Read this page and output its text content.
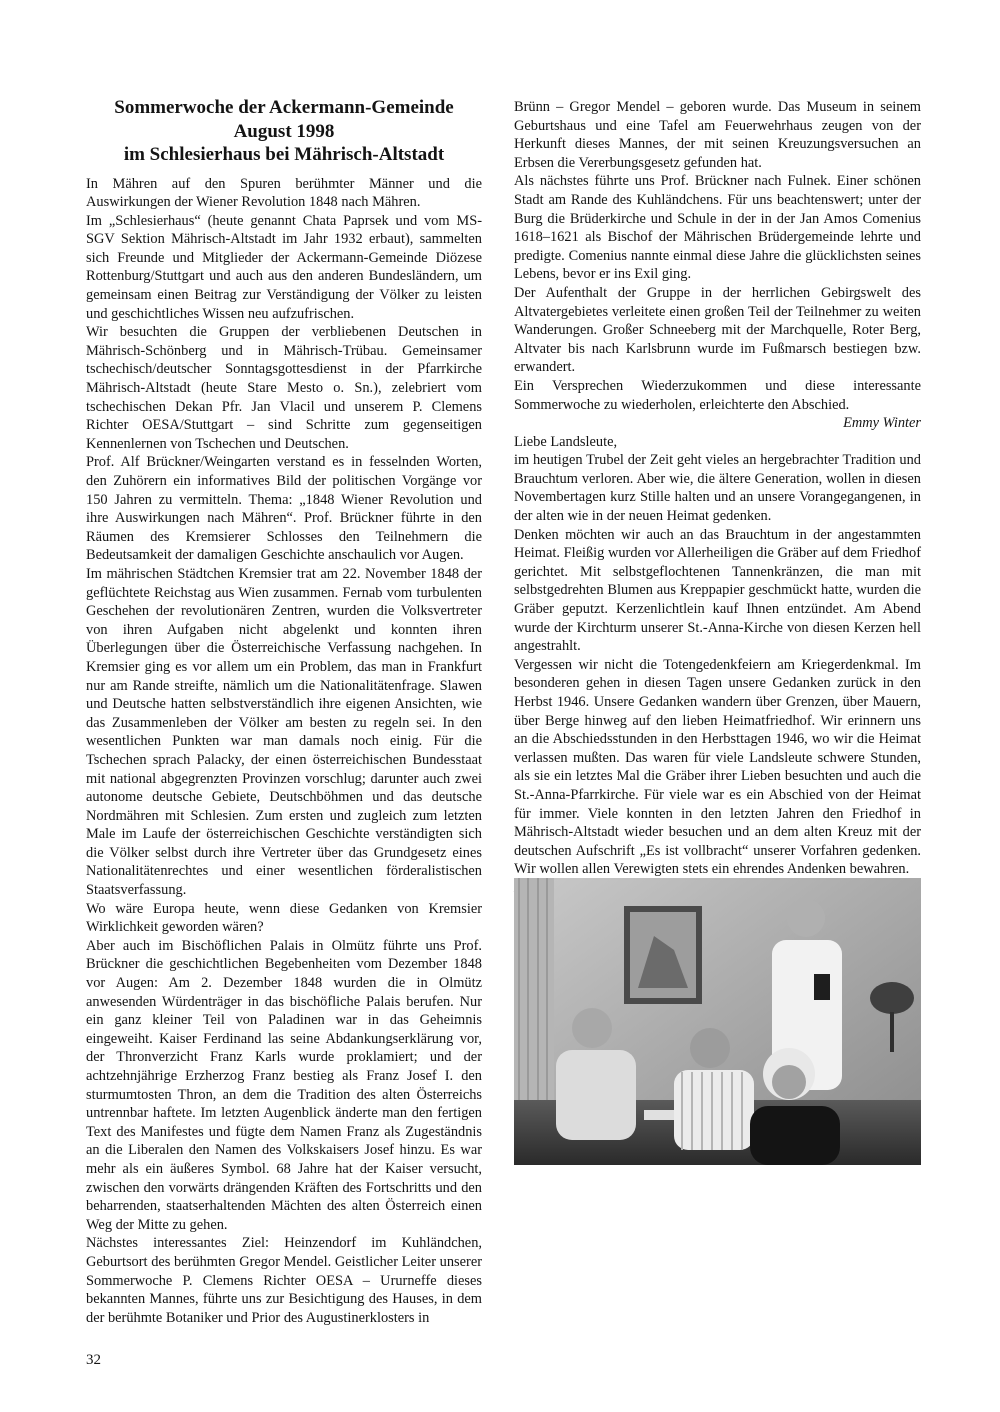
Sommerwoche der Ackermann-Gemeinde
August 1998
im Schlesierhaus bei Mährisch-Altstadt

In Mähren auf den Spuren berühmter Männer und die Auswirkungen der Wiener Revolution 1848 nach Mähren.

Im „Schlesierhaus“ (heute genannt Chata Paprsek und vom MS-SGV Sektion Mährisch-Altstadt im Jahr 1932 erbaut), sammelten sich Freunde und Mitglieder der Ackermann-Gemeinde Diözese Rottenburg/Stuttgart und auch aus den anderen Bundesländern, um gemeinsam einen Beitrag zur Verständigung der Völker zu leisten und geschichtliches Wissen neu aufzufrischen.

Wir besuchten die Gruppen der verbliebenen Deutschen in Mährisch-Schönberg und in Mährisch-Trübau. Gemeinsamer tschechisch/deutscher Sonntagsgottesdienst in der Pfarrkirche Mährisch-Altstadt (heute Stare Mesto o. Sn.), zelebriert vom tschechischen Dekan Pfr. Jan Vlacil und unserem P. Clemens Richter OESA/Stuttgart – sind Schritte zum gegenseitigen Kennenlernen von Tschechen und Deutschen.

Prof. Alf Brückner/Weingarten verstand es in fesselnden Worten, den Zuhörern ein informatives Bild der politischen Vorgänge vor 150 Jahren zu vermitteln. Thema: „1848 Wiener Revolution und ihre Auswirkungen nach Mähren“. Prof. Brückner führte in den Räumen des Kremsierer Schlosses den Teilnehmern die Bedeutsamkeit der damaligen Geschichte anschaulich vor Augen.

Im mährischen Städtchen Kremsier trat am 22. November 1848 der geflüchtete Reichstag aus Wien zusammen. Fernab vom turbulenten Geschehen der revolutionären Zentren, wurden die Volksvertreter von ihren Aufgaben nicht abgelenkt und konnten ihren Überlegungen über die Österreichische Verfassung nachgehen. In Kremsier ging es vor allem um ein Problem, das man in Frankfurt nur am Rande streifte, nämlich um die Nationalitätenfrage. Slawen und Deutsche hatten selbstverständlich ihre eigenen Ansichten, wie das Zusammenleben der Völker am besten zu regeln sei. In den wesentlichen Punkten war man damals noch einig. Für die Tschechen sprach Palacky, der einen österreichischen Bundesstaat mit national abgegrenzten Provinzen vorschlug; darunter auch zwei autonome deutsche Gebiete, Deutschböhmen und das deutsche Nordmähren mit Schlesien. Zum ersten und zugleich zum letzten Male im Laufe der österreichischen Geschichte verständigten sich die Völker selbst durch ihre Vertreter über das Grundgesetz eines Nationalitätenrechtes und einer wesentlichen förderalistischen Staatsverfassung.

Wo wäre Europa heute, wenn diese Gedanken von Kremsier Wirklichkeit geworden wären?

Aber auch im Bischöflichen Palais in Olmütz führte uns Prof. Brückner die geschichtlichen Begebenheiten vom Dezember 1848 vor Augen: Am 2. Dezember 1848 wurden die in Olmütz anwesenden Würdenträger in das bischöfliche Palais berufen. Nur ein ganz kleiner Teil von Paladinen war in das Geheimnis eingeweiht. Kaiser Ferdinand las seine Abdankungserklärung vor, der Thronverzicht Franz Karls wurde proklamiert; und der achtzehnjährige Erzherzog Franz bestieg als Franz Josef I. den sturmumtosten Thron, an dem die Tradition des alten Österreichs untrennbar haftete. Im letzten Augenblick änderte man den fertigen Text des Manifestes und fügte dem Namen Franz als Zugeständnis an die Liberalen den Namen des Volkskaisers Josef hinzu. Es war mehr als ein äußeres Symbol. 68 Jahre hat der Kaiser versucht, zwischen den vorwärts drängenden Kräften des Fortschritts und den beharrenden, staatserhaltenden Mächten des alten Österreich einen Weg der Mitte zu gehen.

Nächstes interessantes Ziel: Heinzendorf im Kuhländchen, Geburtsort des berühmten Gregor Mendel. Geistlicher Leiter unserer Sommerwoche P. Clemens Richter OESA – Ururneffe dieses bekannten Mannes, führte uns zur Besichtigung des Hauses, in dem der berühmte Botaniker und Prior des Augustinerklosters in

Brünn – Gregor Mendel – geboren wurde. Das Museum in seinem Geburtshaus und eine Tafel am Feuerwehrhaus zeugen von der Herkunft dieses Mannes, der mit seinen Kreuzungsversuchen an Erbsen die Vererbungsgesetz gefunden hat.

Als nächstes führte uns Prof. Brückner nach Fulnek. Einer schönen Stadt am Rande des Kuhländchens. Für uns beachtenswert; unter der Burg die Brüderkirche und Schule in der in der Jan Amos Comenius 1618–1621 als Bischof der Mährischen Brüdergemeinde lehrte und predigte. Comenius nannte einmal diese Jahre die glücklichsten seines Lebens, bevor er ins Exil ging.

Der Aufenthalt der Gruppe in der herrlichen Gebirgswelt des Altvatergebietes verleitete einen großen Teil der Teilnehmer zu weiten Wanderungen. Großer Schneeberg mit der Marchquelle, Roter Berg, Altvater bis nach Karlsbrunn wurde im Fußmarsch bestiegen bzw. erwandert.

Ein Versprechen Wiederzukommen und diese interessante Sommerwoche zu wiederholen, erleichterte den Abschied.

Emmy Winter

Liebe Landsleute,

im heutigen Trubel der Zeit geht vieles an hergebrachter Tradition und Brauchtum verloren. Aber wie, die ältere Generation, wollen in diesen Novembertagen kurz Stille halten und an unsere Vorangegangenen, in der alten wie in der neuen Heimat gedenken.

Denken möchten wir auch an das Brauchtum in der angestammten Heimat. Fleißig wurden vor Allerheiligen die Gräber auf dem Friedhof gerichtet. Mit selbstgeflochtenen Tannenkränzen, die man mit selbstgedrehten Blumen aus Kreppapier geschmückt hatte, wurden die Gräber geputzt. Kerzenlichtlein kauf Ihnen entzündet. Am Abend wurde der Kirchturm unserer St.-Anna-Kirche von diesen Kerzen hell angestrahlt.

Vergessen wir nicht die Totengedenkfeiern am Kriegerdenkmal. Im besonderen gehen in diesen Tagen unsere Gedanken zurück in den Herbst 1946. Unsere Gedanken wandern über Grenzen, über Mauern, über Berge hinweg auf den lieben Heimatfriedhof. Wir erinnern uns an die Abschiedsstunden in den Herbsttagen 1946, wo wir die Heimat verlassen mußten. Das waren für viele Landsleute schwere Stunden, als sie ein letztes Mal die Gräber ihrer Lieben besuchten und auch die St.-Anna-Pfarrkirche. Für viele war es ein Abschied von der Heimat für immer. Viele konnten in den letzten Jahren den Friedhof in Mährisch-Altstadt wieder besuchen und an dem alten Kreuz mit der deutschen Aufschrift „Es ist vollbracht“ unserer Vorfahren gedenken. Wir wollen allen Verewigten stets ein ehrendes Andenken bewahren.

32
